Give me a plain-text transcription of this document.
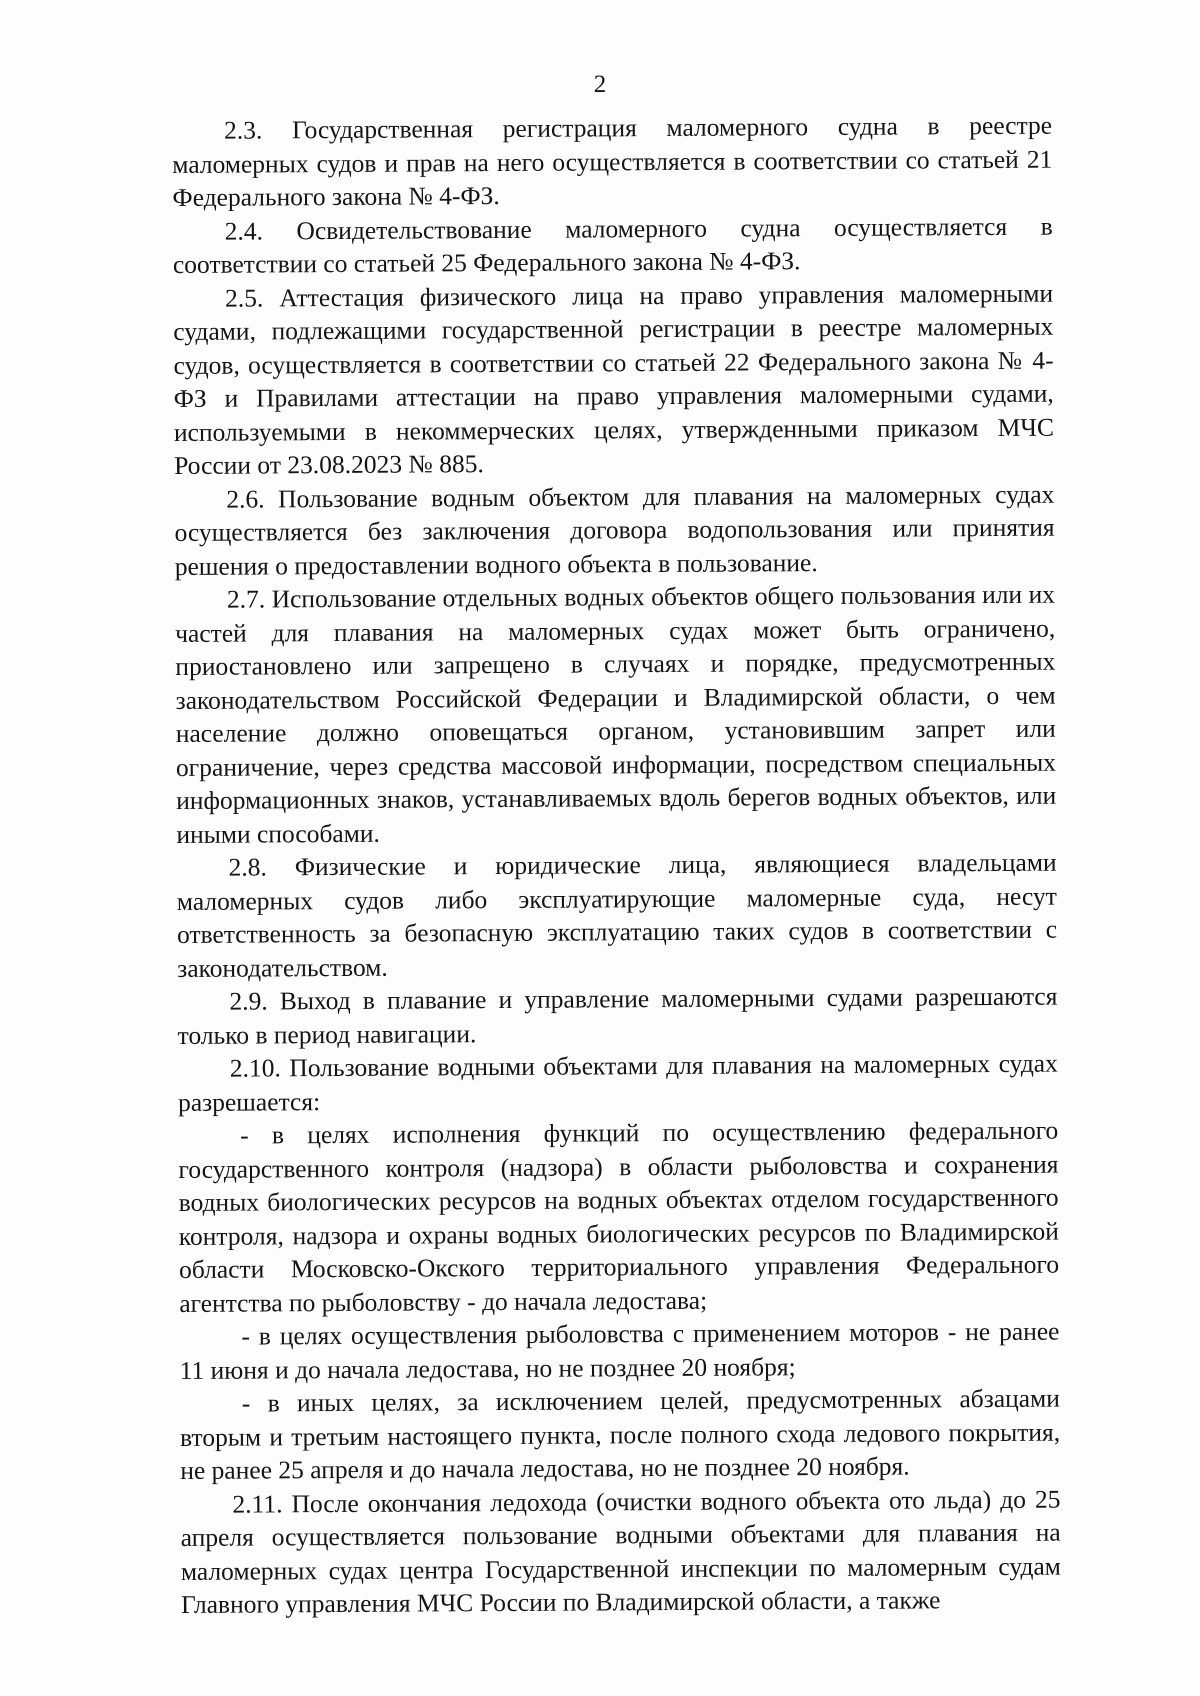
2

2.3. Государственная регистрация маломерного судна в реестре маломерных судов и прав на него осуществляется в соответствии со статьей 21 Федерального закона № 4-ФЗ.

2.4. Освидетельствование маломерного судна осуществляется в соответствии со статьей 25 Федерального закона № 4-ФЗ.

2.5. Аттестация физического лица на право управления маломерными судами, подлежащими государственной регистрации в реестре маломерных судов, осуществляется в соответствии со статьей 22 Федерального закона № 4-ФЗ и Правилами аттестации на право управления маломерными судами, используемыми в некоммерческих целях, утвержденными приказом МЧС России от 23.08.2023 № 885.

2.6. Пользование водным объектом для плавания на маломерных судах осуществляется без заключения договора водопользования или принятия решения о предоставлении водного объекта в пользование.

2.7. Использование отдельных водных объектов общего пользования или их частей для плавания на маломерных судах может быть ограничено, приостановлено или запрещено в случаях и порядке, предусмотренных законодательством Российской Федерации и Владимирской области, о чем население должно оповещаться органом, установившим запрет или ограничение, через средства массовой информации, посредством специальных информационных знаков, устанавливаемых вдоль берегов водных объектов, или иными способами.

2.8. Физические и юридические лица, являющиеся владельцами маломерных судов либо эксплуатирующие маломерные суда, несут ответственность за безопасную эксплуатацию таких судов в соответствии с законодательством.

2.9. Выход в плавание и управление маломерными судами разрешаются только в период навигации.

2.10. Пользование водными объектами для плавания на маломерных судах разрешается:

- в целях исполнения функций по осуществлению федерального государственного контроля (надзора) в области рыболовства и сохранения водных биологических ресурсов на водных объектах отделом государственного контроля, надзора и охраны водных биологических ресурсов по Владимирской области Московско-Окского территориального управления Федерального агентства по рыболовству - до начала ледостава;

- в целях осуществления рыболовства с применением моторов - не ранее 11 июня и до начала ледостава, но не позднее 20 ноября;

- в иных целях, за исключением целей, предусмотренных абзацами вторым и третьим настоящего пункта, после полного схода ледового покрытия, не ранее 25 апреля и до начала ледостава, но не позднее 20 ноября.

2.11. После окончания ледохода (очистки водного объекта ото льда) до 25 апреля осуществляется пользование водными объектами для плавания на маломерных судах центра Государственной инспекции по маломерным судам Главного управления МЧС России по Владимирской области, а также
